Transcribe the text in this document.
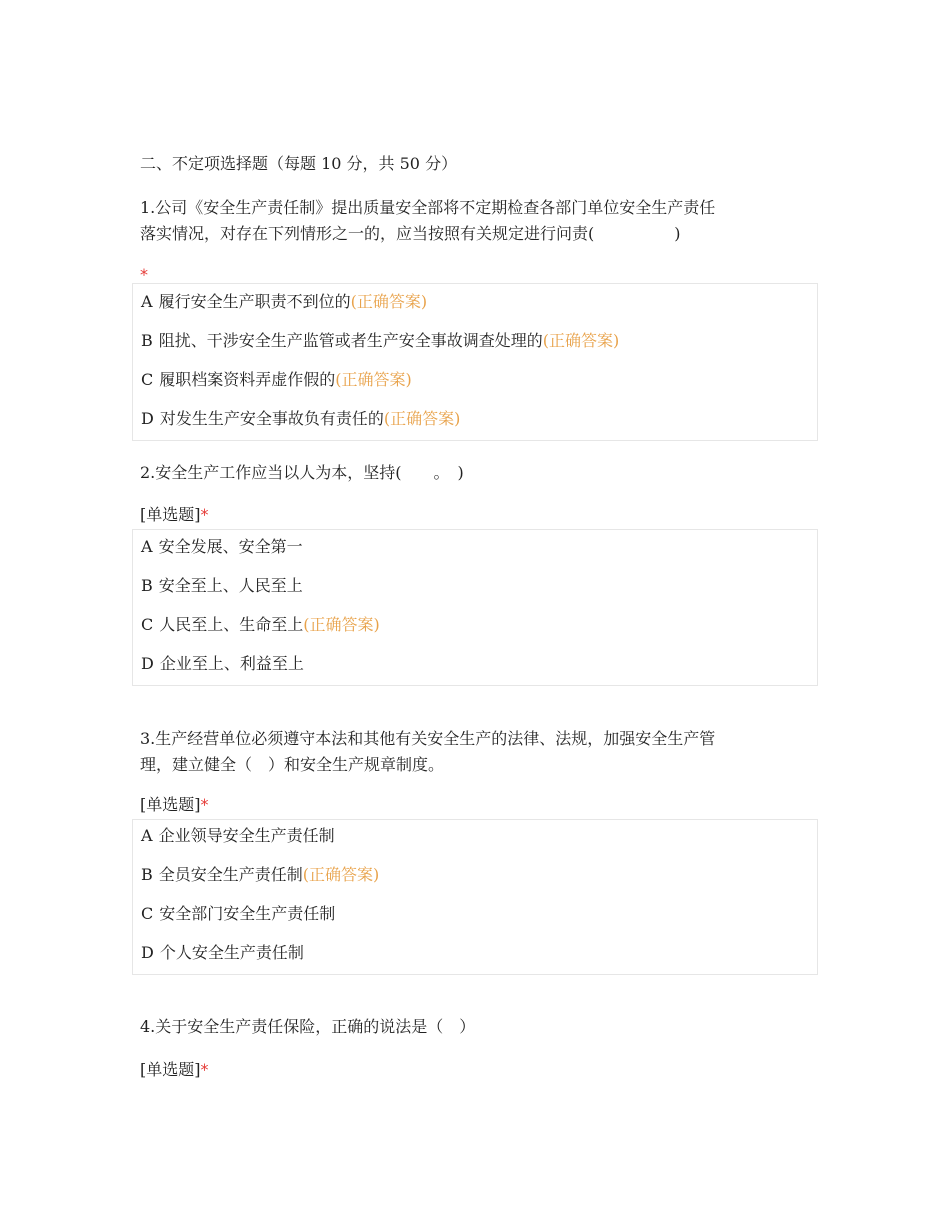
二、不定项选择题（每题 10 分，共 50 分）
1.公司《安全生产责任制》提出质量安全部将不定期检查各部门单位安全生产责任
落实情况，对存在下列情形之一的，应当按照有关规定进行问责(　　　　　)
*
A 履行安全生产职责不到位的(正确答案)
B 阻扰、干涉安全生产监管或者生产安全事故调查处理的(正确答案)
C 履职档案资料弄虚作假的(正确答案)
D 对发生生产安全事故负有责任的(正确答案)
2.安全生产工作应当以人为本，坚持(　　。　)
[单选题]*
A 安全发展、安全第一
B 安全至上、人民至上
C 人民至上、生命至上(正确答案)
D 企业至上、利益至上
3.生产经营单位必须遵守本法和其他有关安全生产的法律、法规，加强安全生产管
理，建立健全（　）和安全生产规章制度。
[单选题]*
A 企业领导安全生产责任制
B 全员安全生产责任制(正确答案)
C 安全部门安全生产责任制
D 个人安全生产责任制
4.关于安全生产责任保险，正确的说法是（　）
[单选题]*
